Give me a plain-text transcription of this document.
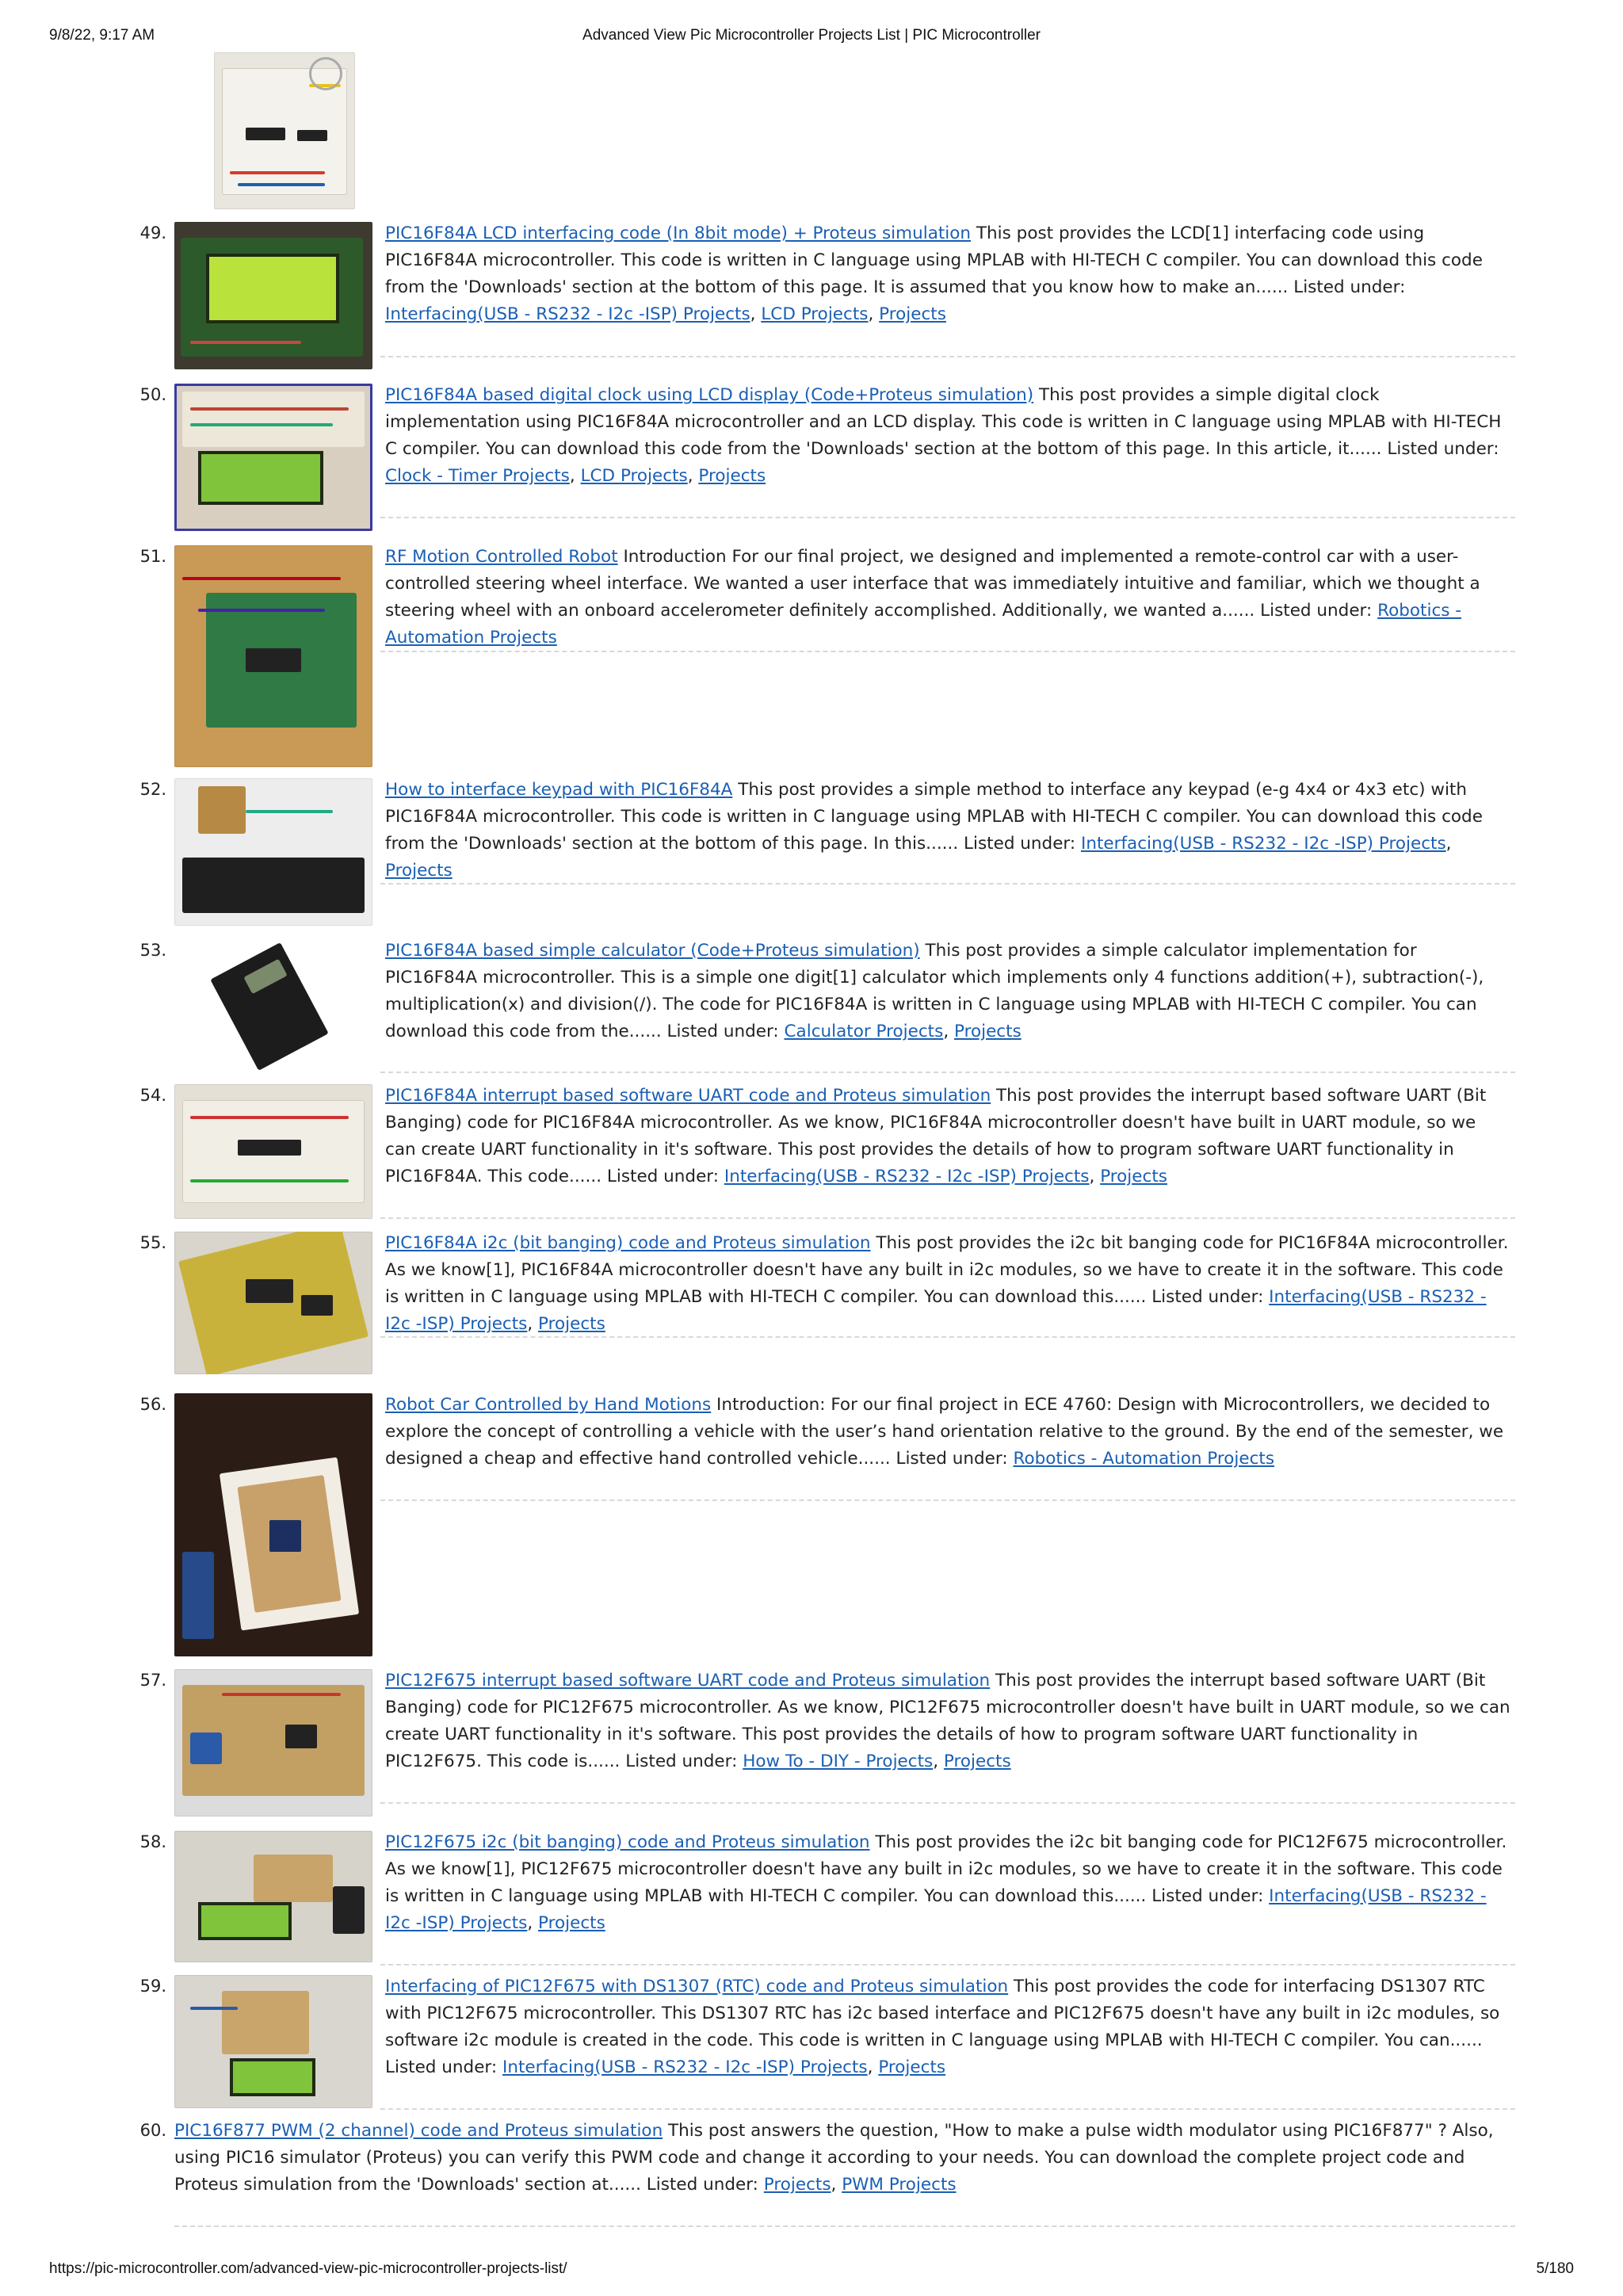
9/8/22, 9:17 AM	Advanced View Pic Microcontroller Projects List | PIC Microcontroller
49.	PIC16F84A LCD interfacing code (In 8bit mode) + Proteus simulation This post provides the LCD[1] interfacing code using PIC16F84A microcontroller. This code is written in C language using MPLAB with HI-TECH C compiler. You can download this code from the 'Downloads' section at the bottom of this page. It is assumed that you know how to make an...... Listed under: Interfacing(USB - RS232 - I2c -ISP) Projects, LCD Projects, Projects
50.	PIC16F84A based digital clock using LCD display (Code+Proteus simulation) This post provides a simple digital clock implementation using PIC16F84A microcontroller and an LCD display. This code is written in C language using MPLAB with HI-TECH C compiler. You can download this code from the 'Downloads' section at the bottom of this page. In this article, it...... Listed under: Clock - Timer Projects, LCD Projects, Projects
51.	RF Motion Controlled Robot Introduction For our final project, we designed and implemented a remote-control car with a user-controlled steering wheel interface. We wanted a user interface that was immediately intuitive and familiar, which we thought a steering wheel with an onboard accelerometer definitely accomplished. Additionally, we wanted a...... Listed under: Robotics - Automation Projects
52.	How to interface keypad with PIC16F84A This post provides a simple method to interface any keypad (e-g 4x4 or 4x3 etc) with PIC16F84A microcontroller. This code is written in C language using MPLAB with HI-TECH C compiler. You can download this code from the 'Downloads' section at the bottom of this page. In this...... Listed under: Interfacing(USB - RS232 - I2c -ISP) Projects, Projects
53.	PIC16F84A based simple calculator (Code+Proteus simulation) This post provides a simple calculator implementation for PIC16F84A microcontroller. This is a simple one digit[1] calculator which implements only 4 functions addition(+), subtraction(-), multiplication(x) and division(/). The code for PIC16F84A is written in C language using MPLAB with HI-TECH C compiler. You can download this code from the...... Listed under: Calculator Projects, Projects
54.	PIC16F84A interrupt based software UART code and Proteus simulation This post provides the interrupt based software UART (Bit Banging) code for PIC16F84A microcontroller. As we know, PIC16F84A microcontroller doesn't have built in UART module, so we can create UART functionality in it's software. This post provides the details of how to program software UART functionality in PIC16F84A. This code...... Listed under: Interfacing(USB - RS232 - I2c -ISP) Projects, Projects
55.	PIC16F84A i2c (bit banging) code and Proteus simulation This post provides the i2c bit banging code for PIC16F84A microcontroller. As we know[1], PIC16F84A microcontroller doesn't have any built in i2c modules, so we have to create it in the software. This code is written in C language using MPLAB with HI-TECH C compiler. You can download this...... Listed under: Interfacing(USB - RS232 - I2c -ISP) Projects, Projects
56.	Robot Car Controlled by Hand Motions Introduction: For our final project in ECE 4760: Design with Microcontrollers, we decided to explore the concept of controlling a vehicle with the user’s hand orientation relative to the ground. By the end of the semester, we designed a cheap and effective hand controlled vehicle...... Listed under: Robotics - Automation Projects
57.	PIC12F675 interrupt based software UART code and Proteus simulation This post provides the interrupt based software UART (Bit Banging) code for PIC12F675 microcontroller. As we know, PIC12F675 microcontroller doesn't have built in UART module, so we can create UART functionality in it's software. This post provides the details of how to program software UART functionality in PIC12F675. This code is...... Listed under: How To - DIY - Projects, Projects
58.	PIC12F675 i2c (bit banging) code and Proteus simulation This post provides the i2c bit banging code for PIC12F675 microcontroller. As we know[1], PIC12F675 microcontroller doesn't have any built in i2c modules, so we have to create it in the software. This code is written in C language using MPLAB with HI-TECH C compiler. You can download this...... Listed under: Interfacing(USB - RS232 - I2c -ISP) Projects, Projects
59.	Interfacing of PIC12F675 with DS1307 (RTC) code and Proteus simulation This post provides the code for interfacing DS1307 RTC with PIC12F675 microcontroller. This DS1307 RTC has i2c based interface and PIC12F675 doesn't have any built in i2c modules, so software i2c module is created in the code. This code is written in C language using MPLAB with HI-TECH C compiler. You can...... Listed under: Interfacing(USB - RS232 - I2c -ISP) Projects, Projects
60. PIC16F877 PWM (2 channel) code and Proteus simulation This post answers the question, "How to make a pulse width modulator using PIC16F877" ? Also, using PIC16 simulator (Proteus) you can verify this PWM code and change it according to your needs. You can download the complete project code and Proteus simulation from the 'Downloads' section at...... Listed under: Projects, PWM Projects
https://pic-microcontroller.com/advanced-view-pic-microcontroller-projects-list/	5/180
